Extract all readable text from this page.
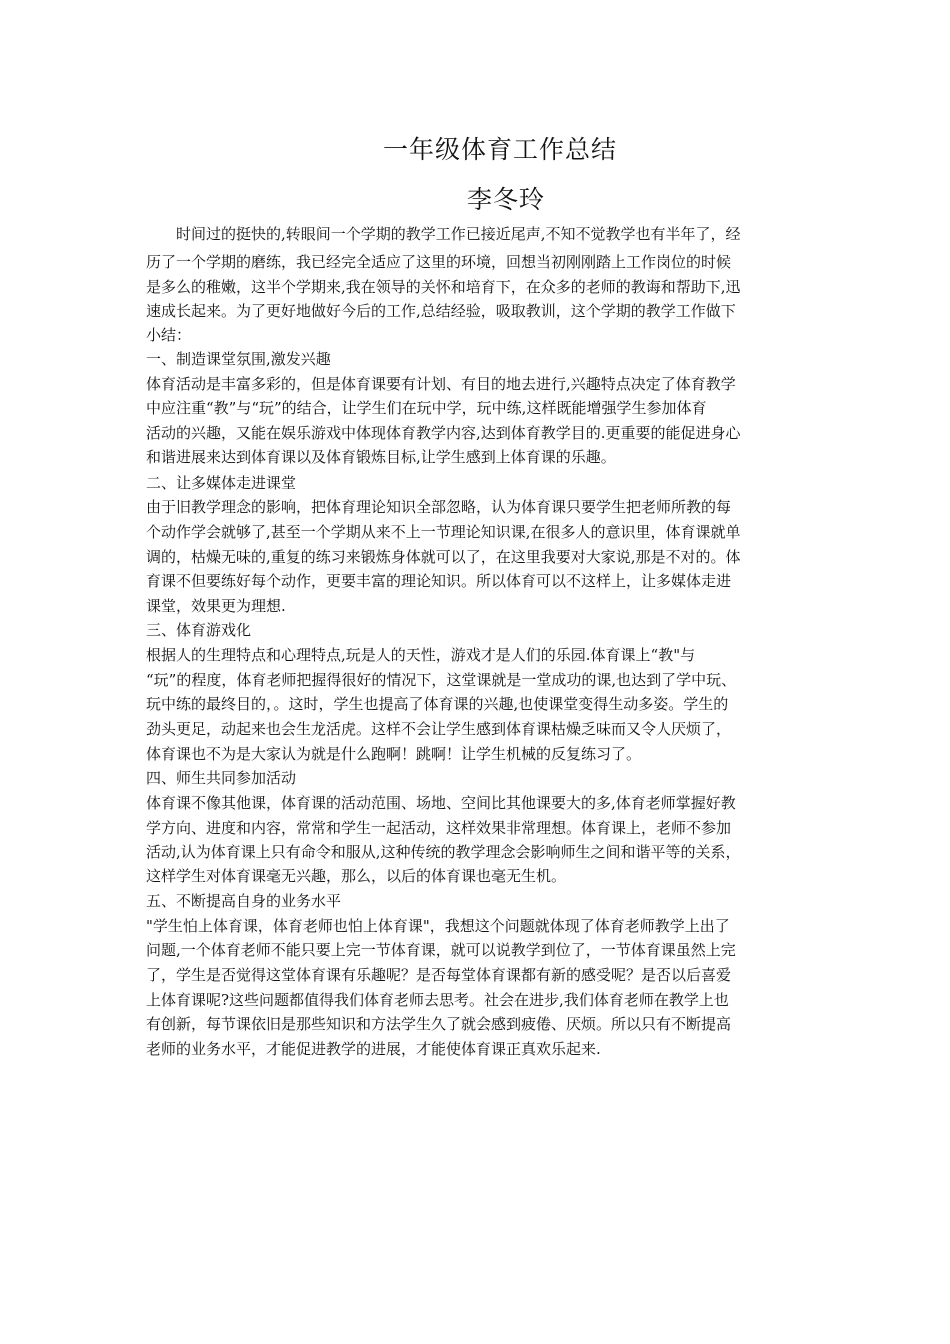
一年级体育工作总结
李冬玲
时间过的挺快的,转眼间一个学期的教学工作已接近尾声,不知不觉教学也有半年了，经
历了一个学期的磨练，我已经完全适应了这里的环境，回想当初刚刚踏上工作岗位的时候
是多么的稚嫩，这半个学期来,我在领导的关怀和培育下，在众多的老师的教诲和帮助下,迅
速成长起来。为了更好地做好今后的工作,总结经验，吸取教训，这个学期的教学工作做下
小结：
一、制造课堂氛围,激发兴趣
体育活动是丰富多彩的，但是体育课要有计划、有目的地去进行,兴趣特点决定了体育教学
中应注重“教”与“玩”的结合，让学生们在玩中学，玩中练,这样既能增强学生参加体育
活动的兴趣，又能在娱乐游戏中体现体育教学内容,达到体育教学目的.更重要的能促进身心
和谐进展来达到体育课以及体育锻炼目标,让学生感到上体育课的乐趣。
二、让多媒体走进课堂
由于旧教学理念的影响，把体育理论知识全部忽略，认为体育课只要学生把老师所教的每
个动作学会就够了,甚至一个学期从来不上一节理论知识课,在很多人的意识里，体育课就单
调的，枯燥无味的,重复的练习来锻炼身体就可以了，在这里我要对大家说,那是不对的。体
育课不但要练好每个动作，更要丰富的理论知识。所以体育可以不这样上，让多媒体走进
课堂，效果更为理想.
三、体育游戏化
根据人的生理特点和心理特点,玩是人的天性，游戏才是人们的乐园.体育课上“教"与
“玩”的程度，体育老师把握得很好的情况下，这堂课就是一堂成功的课,也达到了学中玩、
玩中练的最终目的，。这时，学生也提高了体育课的兴趣,也使课堂变得生动多姿。学生的
劲头更足，动起来也会生龙活虎。这样不会让学生感到体育课枯燥乏味而又令人厌烦了，
体育课也不为是大家认为就是什么跑啊！跳啊！让学生机械的反复练习了。
四、师生共同参加活动
体育课不像其他课，体育课的活动范围、场地、空间比其他课要大的多,体育老师掌握好教
学方向、进度和内容，常常和学生一起活动，这样效果非常理想。体育课上，老师不参加
活动,认为体育课上只有命令和服从,这种传统的教学理念会影响师生之间和谐平等的关系，
这样学生对体育课毫无兴趣，那么，以后的体育课也毫无生机。
五、不断提高自身的业务水平
"学生怕上体育课，体育老师也怕上体育课"，我想这个问题就体现了体育老师教学上出了
问题,一个体育老师不能只要上完一节体育课，就可以说教学到位了，一节体育课虽然上完
了，学生是否觉得这堂体育课有乐趣呢？是否每堂体育课都有新的感受呢？是否以后喜爱
上体育课呢?这些问题都值得我们体育老师去思考。社会在进步,我们体育老师在教学上也
有创新，每节课依旧是那些知识和方法学生久了就会感到疲倦、厌烦。所以只有不断提高
老师的业务水平，才能促进教学的进展，才能使体育课正真欢乐起来.
